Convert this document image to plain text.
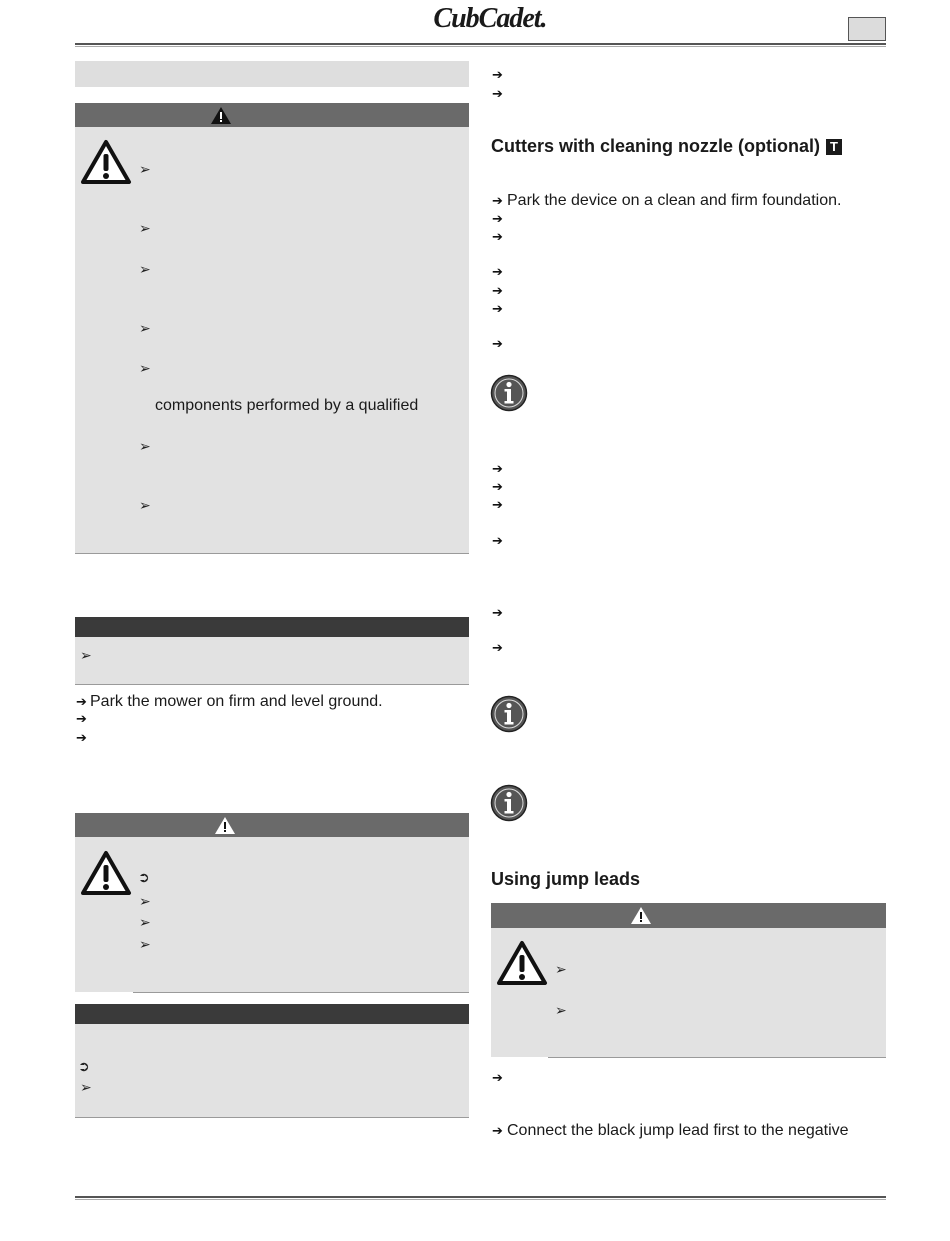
CubCadet.
➢
➢
➢
➢
➢
components performed by a qualified
➢
➢
➢
➔ Park the mower on firm and level ground.
➔
➔
➲
➢
➢
➢
➲
➢
➔
➔
Cutters with cleaning nozzle (optional) T
➔ Park the device on a clean and firm foundation.
➔
➔
➔
➔
➔
➔
➔
➔
➔
➔
➔
➔
Using jump leads
➢
➢
➔
➔ Connect the black jump lead first to the negative
